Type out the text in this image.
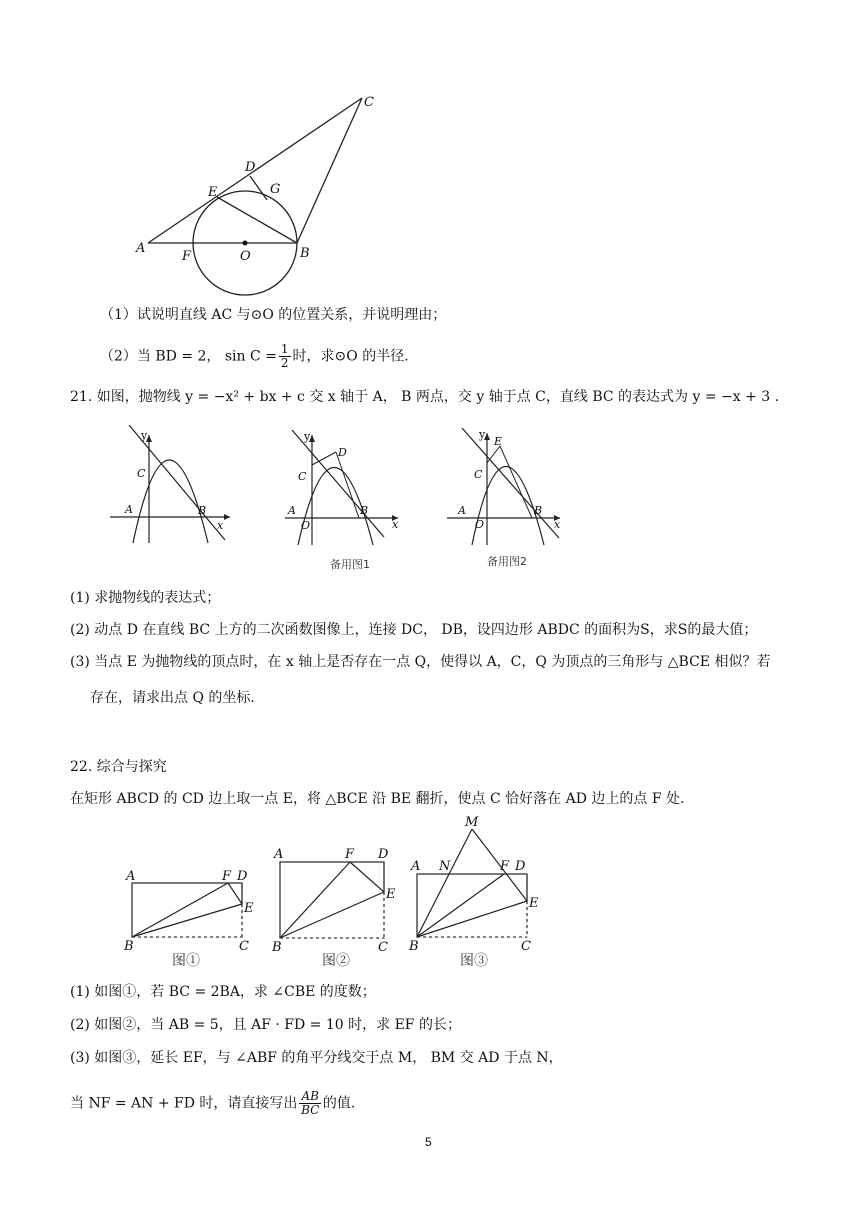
C
D
E	G
A
F	O	B
（1）试说明直线 AC 与⊙O 的位置关系，并说明理由；
（2）当 BD = 2， $\sin C = \frac{1}{2}$ 时，求⊙O 的半径.
21. 如图，抛物线 y = −x² + bx + c 交 x 轴于 A， B 两点，交 y 轴于点 C，直线 BC 的表达式为 y = −x + 3 .
y
A
C
B
x
y
A
O
C
D
B
x
备用图1
y
E
A
O
C
B
x
备用图2
(1) 求抛物线的表达式；
(2) 动点 D 在直线 BC 上方的二次函数图像上，连接 DC， DB，设四边形 ABDC 的面积为S，求S的最大值；
(3) 当点 E 为抛物线的顶点时，在 x 轴上是否存在一点 Q，使得以 A，C，Q 为顶点的三角形与 △BCE 相似？若
存在，请求出点 Q 的坐标.
22. 综合与探究
在矩形 ABCD 的 CD 边上取一点 E，将 △BCE 沿 BE 翻折，使点 C 恰好落在 AD 边上的点 F 处.
A	F D
E
B	C
图①
A	F D
E
B	C
图②
M
A N	F D
E
B	C
图③
(1) 如图①，若 BC = 2BA，求 ∠CBE 的度数；
(2) 如图②，当 AB = 5，且 AF · FD = 10 时，求 EF 的长；
(3) 如图③，延长 EF，与 ∠ABF 的角平分线交于点 M， BM 交 AD 于点 N，
当 NF = AN + FD 时，请直接写出 $\frac{AB}{BC}$ 的值.
5
